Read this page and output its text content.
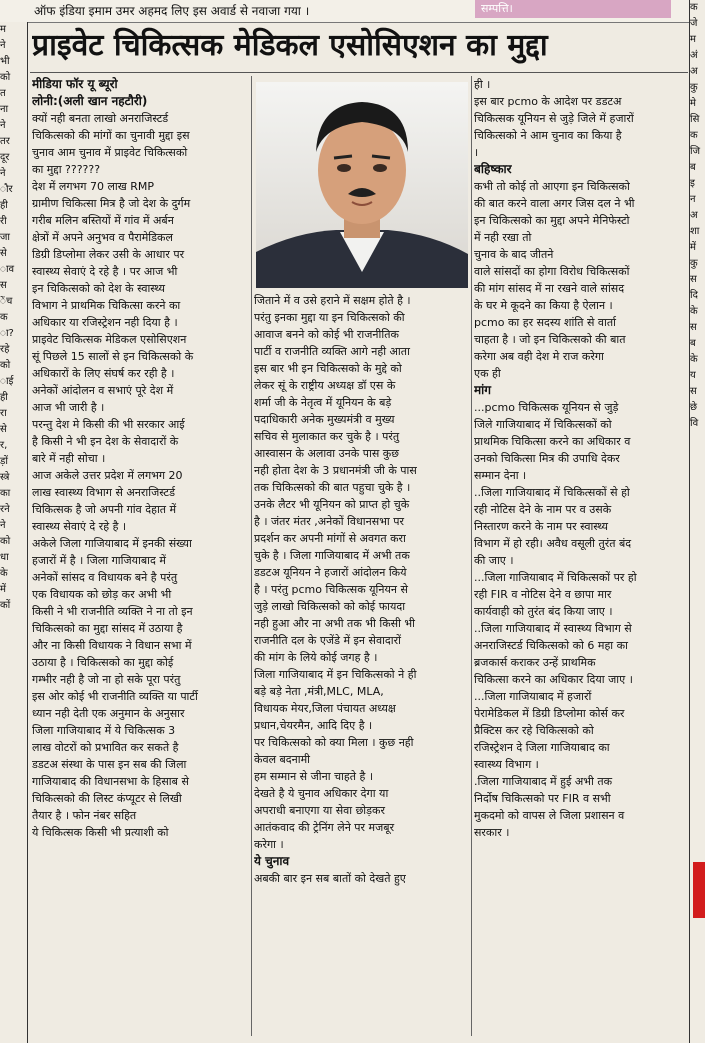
ऑफ इंडिया इमाम उमर अहमद लिए इस अवार्ड से नवाजा गया ।	सम्पत्ति।
म
ने
भी
को
त
ना
ने
तर
दूर
ने
ौर
ही
री
जा
से
ाव
स
ेंच
क
ा?
रहे
को
ाई
ही
रा
से
र,
ड़ों
स्त्रे
का
रने
ने
को
धा
के
में
कों
क
जे
म
अं
अ
कु
मे
सि
क
जि
ब
इ
न
अ
शा
में
कु
स
दि
के
स
ब
के
य
स
छे
वि
प्राइवेट चिकित्सक मेडिकल एसोसिएशन का मुद्दा
मीडिया फॉर यू ब्यूरो
लोनी:(अली खान नहटौरी)
क्यों नही बनता लाखो अनराजिस्टर्ड
चिकित्सको की मांगों का चुनावी मुद्दा इस
चुनाव आम चुनाव में प्राइवेट चिकित्सको
का मुद्दा ??????
देश में लगभग 70 लाख RMP
ग्रामीण चिकित्सा मित्र है जो देश के दुर्गम
गरीब मलिन बस्तियों में गांव में अर्बन
क्षेत्रों में अपने अनुभव व पैरामेडिकल
डिग्री डिप्लोमा लेकर उसी के आधार पर
स्वास्थ्य सेवाएं दे रहे है । पर आज भी
इन चिकित्सको को देश के स्वास्थ्य
विभाग ने प्राथमिक चिकित्सा करने का
अधिकार या रजिस्ट्रेशन नही दिया है ।
प्राइवेट चिकित्सक मेडिकल एसोसिएशन
सूं पिछले 15 सालों से इन चिकित्सको के
अधिकारों के लिए संघर्ष कर रही है ।
अनेकों आंदोलन व सभाएं पूरे देश में
आज भी जारी है ।
परन्तु देश मे किसी की भी सरकार आई
है किसी ने भी इन देश के सेवादारों के
बारे में नही सोचा ।
आज अकेले उत्तर प्रदेश में लगभग 20
लाख स्वास्थ्य विभाग से अनराजिस्टर्ड
चिकित्सक है जो अपनी गांव देहात में
स्वास्थ्य सेवाएं दे रहे है ।
अकेले जिला गाजियाबाद में इनकी संख्या
हजारों में है । जिला गाजियाबाद में
अनेकों सांसद व विधायक बने है परंतु
एक विधायक को छोड़ कर अभी भी
किसी ने भी राजनीति व्यक्ति ने ना तो इन
चिकित्सको का मुद्दा सांसद में उठाया है
और ना किसी विधायक ने विधान सभा में
उठाया है । चिकित्सको का मुद्दा कोई
गम्भीर नही है जो ना हो सके पूरा परंतु
इस ओर कोई भी राजनीति व्यक्ति या पार्टी
ध्यान नही देती एक अनुमान के अनुसार
जिला गाजियाबाद में ये चिकित्सक 3
लाख वोटरों को प्रभावित कर सकते है
डडटअ संस्था के पास इन सब की जिला
गाजियाबाद की विधानसभा के हिसाब से
चिकित्सको की लिस्ट कंप्यूटर से लिखी
तैयार है । फोन नंबर सहित
ये चिकित्सक किसी भी प्रत्याशी को
जिताने में व उसे हराने में सक्षम होते है ।
परंतु इनका मुद्दा या इन चिकित्सको की
आवाज बनने को कोई भी राजनीतिक
पार्टी व राजनीति व्यक्ति आगे नही आता
इस बार भी इन चिकित्सको के मुद्दे को
लेकर सूं के राष्ट्रीय अध्यक्ष डॉ एस के
शर्मा जी के नेतृत्व में यूनियन के बड़े
पदाधिकारी अनेक मुख्यमंत्री व मुख्य
सचिव से मुलाकात कर चुके है । परंतु
आस्वासन के अलावा उनके पास कुछ
नही होता देश के 3 प्रधानमंत्री जी के पास
तक चिकित्सको की बात पहुचा चुके है ।
उनके लैटर भी यूनियन को प्राप्त हो चुके
है । जंतर मंतर ,अनेकों विधानसभा पर
प्रदर्शन कर अपनी मांगों से अवगत करा
चुके है । जिला गाजियाबाद में अभी तक
डडटअ यूनियन ने हजारों आंदोलन किये
है । परंतु pcmo चिकित्सक यूनियन से
जुड़े लाखो चिकित्सको को कोई फायदा
नही हुआ और ना अभी तक भी किसी भी
राजनीति दल के एजेंडे में इन सेवादारों
की मांग के लिये कोई जगह है ।
जिला गाजियाबाद में इन चिकित्सको ने ही
बड़े बड़े नेता ,मंत्री,MLC, MLA,
विधायक मेयर,जिला पंचायत अध्यक्ष
प्रधान,चेयरमैन, आदि दिए है ।
पर चिकित्सको को क्या मिला । कुछ नही
केवल बदनामी
हम सम्मान से जीना चाहते है ।
देखते है ये चुनाव अधिकार देगा या
अपराधी बनाएगा या सेवा छोड़कर
आतंकवाद की ट्रेनिंग लेने पर मजबूर
करेगा ।
ये चुनाव
अबकी बार इन सब बातों को देखते हुए
ही ।
इस बार pcmo के आदेश पर डडटअ
चिकित्सक यूनियन से जुड़े जिले में हजारों
चिकित्सको ने आम चुनाव का किया है
।
बहिष्कार
कभी तो कोई तो आएगा इन चिकित्सको
की बात करने वाला अगर जिस दल ने भी
इन चिकित्सको का मुद्दा अपने मेनिफेस्टो
में नही रखा तो
चुनाव के बाद जीतने
वाले सांसदों का होगा विरोध चिकित्सकों
की मांग सांसद में ना रखने वाले सांसद
के घर मे कूदने का किया है ऐलान ।
pcmo का हर सदस्य शांति से वार्ता
चाहता है । जो इन चिकित्सको की बात
करेगा अब वही देश मे राज करेगा
एक ही
मांग
...pcmo चिकित्सक यूनियन से जुड़े
जिले गाजियाबाद में चिकित्सकों को
प्राथमिक चिकित्सा करने का अधिकार व
उनको चिकित्सा मित्र की उपाधि देकर
सम्मान देना ।
..जिला गाजियाबाद में चिकित्सकों से हो
रही नोटिस देने के नाम पर व उसके
निस्तारण करने के नाम पर स्वास्थ्य
विभाग में हो रही। अवैध वसूली तुरंत बंद
की जाए ।
...जिला गाजियाबाद में चिकित्सकों पर हो
रही FIR व नोटिस देने व छापा मार
कार्यवाही को तुरंत बंद किया जाए ।
..जिला गाजियाबाद में स्वास्थ्य विभाग से
अनराजिस्टर्ड चिकित्सको को 6 महा का
ब्रजकार्स कराकर उन्हें प्राथमिक
चिकित्सा करने का अधिकार दिया जाए ।
...जिला गाजियाबाद में हजारों
पेरामेडिकल में डिग्री डिप्लोमा कोर्स कर
प्रैक्टिस कर रहे चिकित्सको को
रजिस्ट्रेशन दे जिला गाजियाबाद का
स्वास्थ्य विभाग ।
.जिला गाजियाबाद में हुई अभी तक
निर्दोष चिकित्सको पर FIR व सभी
मुकदमो को वापस ले जिला प्रशासन व
सरकार ।
